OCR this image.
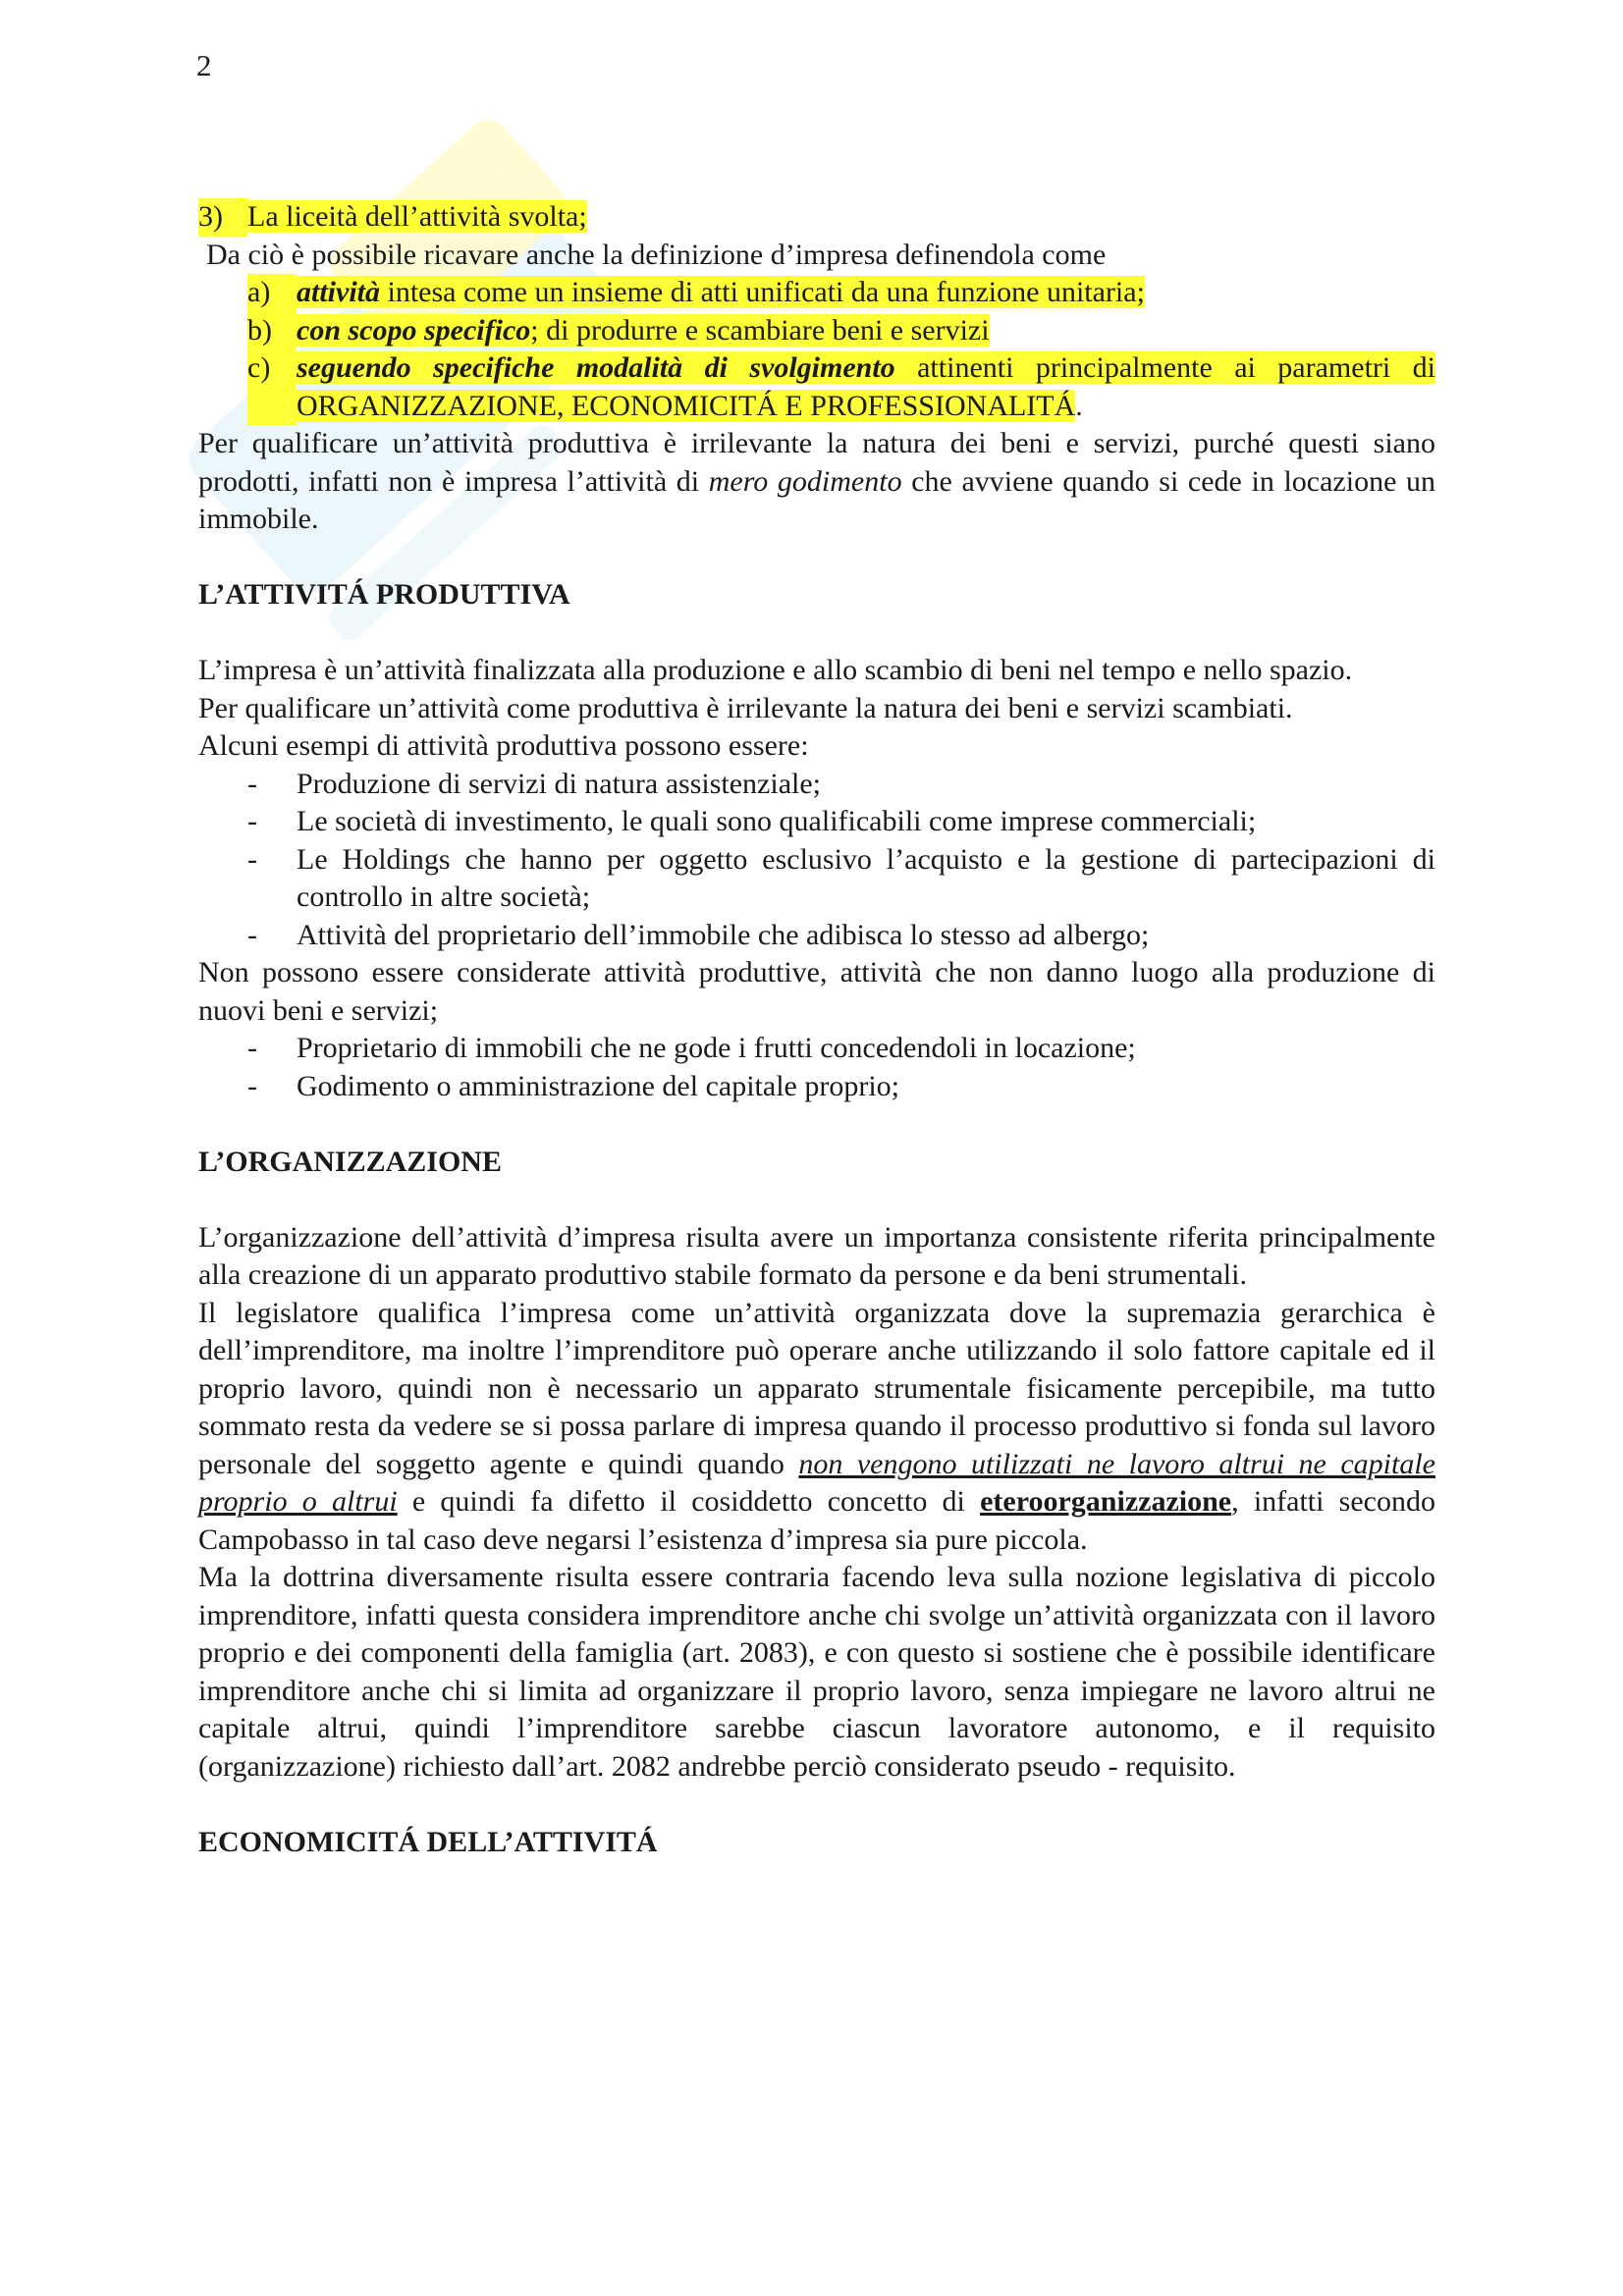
2
3) La liceità dell’attività svolta;

Da ciò è possibile ricavare anche la definizione d’impresa definendola come

a) attività intesa come un insieme di atti unificati da una funzione unitaria;
b) con scopo specifico; di produrre e scambiare beni e servizi
c) seguendo specifiche modalità di svolgimento attinenti principalmente ai parametri di ORGANIZZAZIONE, ECONOMICITÁ E PROFESSIONALITÁ.

Per qualificare un’attività produttiva è irrilevante la natura dei beni e servizi, purché questi siano prodotti, infatti non è impresa l’attività di mero godimento che avviene quando si cede in locazione un immobile.

L’ATTIVITÁ PRODUTTIVA

L’impresa è un’attività finalizzata alla produzione e allo scambio di beni nel tempo e nello spazio.

Per qualificare un’attività come produttiva è irrilevante la natura dei beni e servizi scambiati.

Alcuni esempi di attività produttiva possono essere:

-	Produzione di servizi di natura assistenziale;
-	Le società di investimento, le quali sono qualificabili come imprese commerciali;
-	Le Holdings che hanno per oggetto esclusivo l’acquisto e la gestione di partecipazioni di controllo in altre società;
-	Attività del proprietario dell’immobile che adibisca lo stesso ad albergo;

Non possono essere considerate attività produttive, attività che non danno luogo alla produzione di nuovi beni e servizi;

-	Proprietario di immobili che ne gode i frutti concedendoli in locazione;
-	Godimento o amministrazione del capitale proprio;

L’ORGANIZZAZIONE

L’organizzazione dell’attività d’impresa risulta avere un importanza consistente riferita principalmente alla creazione di un apparato produttivo stabile formato da persone e da beni strumentali.

Il legislatore qualifica l’impresa come un’attività organizzata dove la supremazia gerarchica è dell’imprenditore, ma inoltre l’imprenditore può operare anche utilizzando il solo fattore capitale ed il proprio lavoro, quindi non è necessario un apparato strumentale fisicamente percepibile, ma tutto sommato resta da vedere se si possa parlare di impresa quando il processo produttivo si fonda sul lavoro personale del soggetto agente e quindi quando non vengono utilizzati ne lavoro altrui ne capitale proprio o altrui e quindi fa difetto il cosiddetto concetto di eteroorganizzazione, infatti secondo Campobasso in tal caso deve negarsi l’esistenza d’impresa sia pure piccola.

Ma la dottrina diversamente risulta essere contraria facendo leva sulla nozione legislativa di piccolo imprenditore, infatti questa considera imprenditore anche chi svolge un’attività organizzata con il lavoro proprio e dei componenti della famiglia (art. 2083), e con questo si sostiene che è possibile identificare imprenditore anche chi si limita ad organizzare il proprio lavoro, senza impiegare ne lavoro altrui ne capitale altrui, quindi l’imprenditore sarebbe ciascun lavoratore autonomo, e il requisito (organizzazione) richiesto dall’art. 2082 andrebbe perciò considerato pseudo - requisito.

ECONOMICITÁ DELL’ATTIVITÁ
